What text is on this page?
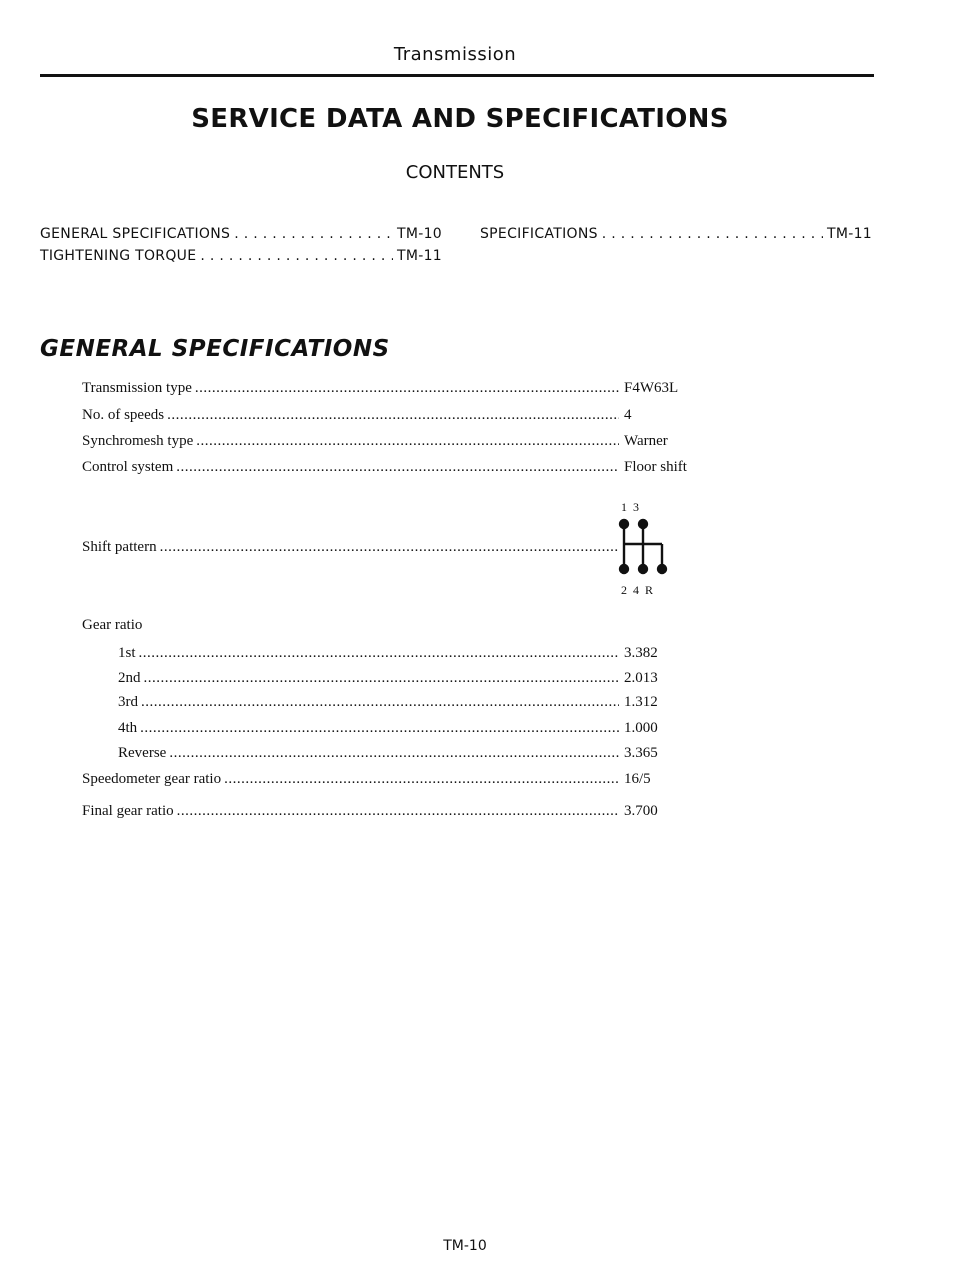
Transmission
SERVICE DATA AND SPECIFICATIONS
CONTENTS
GENERAL SPECIFICATIONS . . .	TM-10
TIGHTENING TORQUE . . .	TM-11
SPECIFICATIONS . . .	TM-11
GENERAL SPECIFICATIONS
Transmission type .....	F4W63L
No. of speeds .....	4
Synchromesh type .....	Warner
Control system .....	Floor shift
Shift pattern
.....
1  3
2  4  R
Gear ratio
1st .....	3.382
2nd .....	2.013
3rd .....	1.312
4th .....	1.000
Reverse .....	3.365
Speedometer gear ratio .....	16/5
Final gear ratio .....	3.700
TM-10
